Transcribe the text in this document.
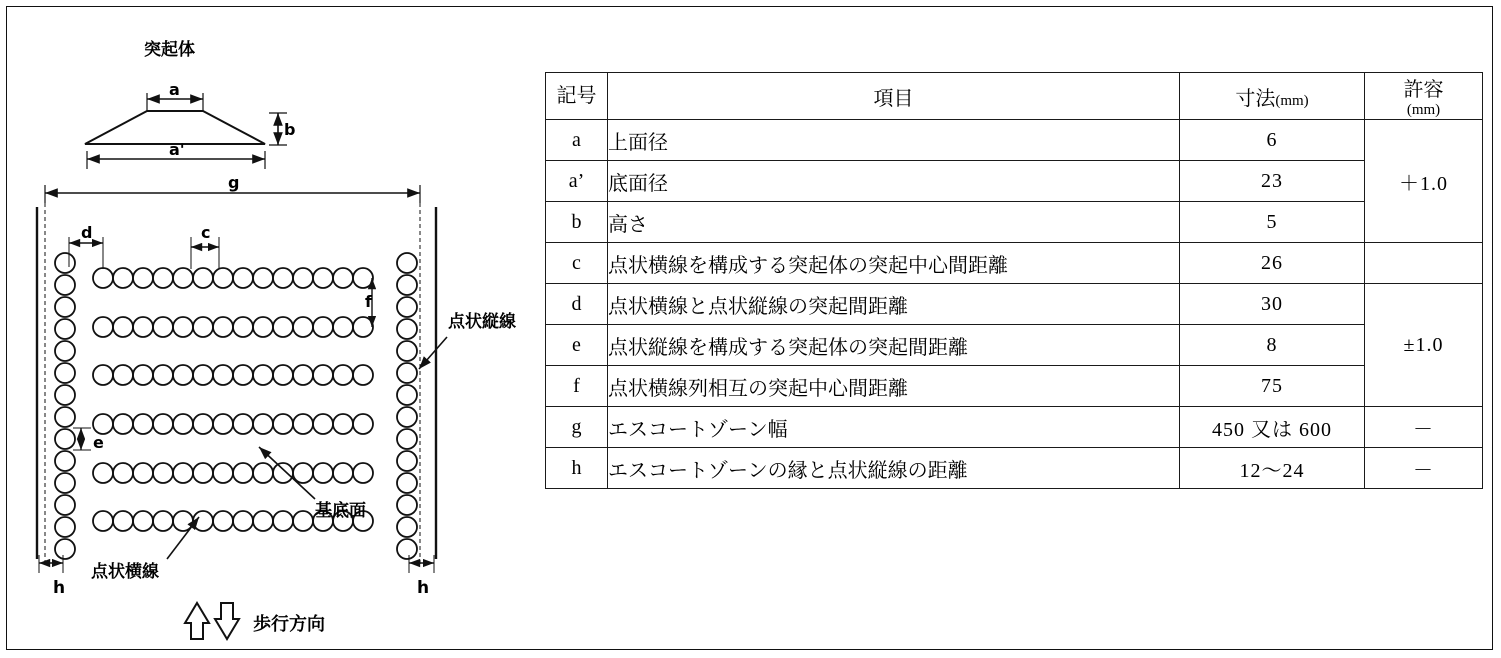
突起体
a
b
a'
g
d	c
f
e
h	h
点状縦線
基底面
点状横線
歩行方向
記号	項目	寸法(mm)	許容
(mm)

a	上面径	6	＋1.0
a’	底面径	23	
b	高さ	5	
c	点状横線を構成する突起体の突起中心間距離	26	
d	点状横線と点状縦線の突起間距離	30	±1.0
e	点状縦線を構成する突起体の突起間距離	8	
f	点状横線列相互の突起中心間距離	75	
g	エスコートゾーン幅	450 又は 600	－
h	エスコートゾーンの縁と点状縦線の距離	12〜24	－
